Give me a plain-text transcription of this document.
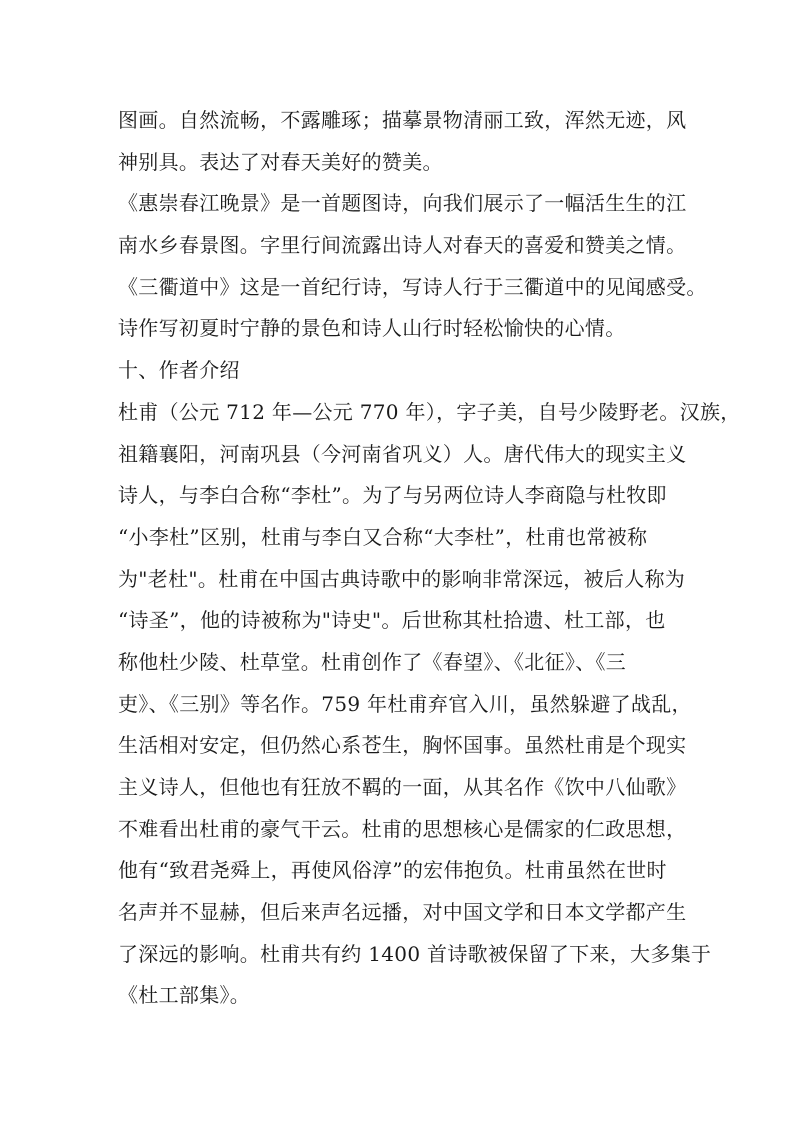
图画。自然流畅，不露雕琢；描摹景物清丽工致，浑然无迹，风
神别具。表达了对春天美好的赞美。
《惠崇春江晚景》是一首题图诗，向我们展示了一幅活生生的江
南水乡春景图。字里行间流露出诗人对春天的喜爱和赞美之情。
《三衢道中》这是一首纪行诗，写诗人行于三衢道中的见闻感受。
诗作写初夏时宁静的景色和诗人山行时轻松愉快的心情。
十、作者介绍
杜甫（公元 712 年—公元 770 年），字子美，自号少陵野老。汉族，
祖籍襄阳，河南巩县（今河南省巩义）人。唐代伟大的现实主义
诗人，与李白合称“李杜”。为了与另两位诗人李商隐与杜牧即
“小李杜”区别，杜甫与李白又合称“大李杜”，杜甫也常被称
为"老杜"。杜甫在中国古典诗歌中的影响非常深远，被后人称为
“诗圣”，他的诗被称为"诗史"。后世称其杜拾遗、杜工部，也
称他杜少陵、杜草堂。杜甫创作了《春望》、《北征》、《三
吏》、《三别》等名作。759 年杜甫弃官入川，虽然躲避了战乱，
生活相对安定，但仍然心系苍生，胸怀国事。虽然杜甫是个现实
主义诗人，但他也有狂放不羁的一面，从其名作《饮中八仙歌》
不难看出杜甫的豪气干云。杜甫的思想核心是儒家的仁政思想，
他有“致君尧舜上，再使风俗淳”的宏伟抱负。杜甫虽然在世时
名声并不显赫，但后来声名远播，对中国文学和日本文学都产生
了深远的影响。杜甫共有约 1400 首诗歌被保留了下来，大多集于
《杜工部集》。
